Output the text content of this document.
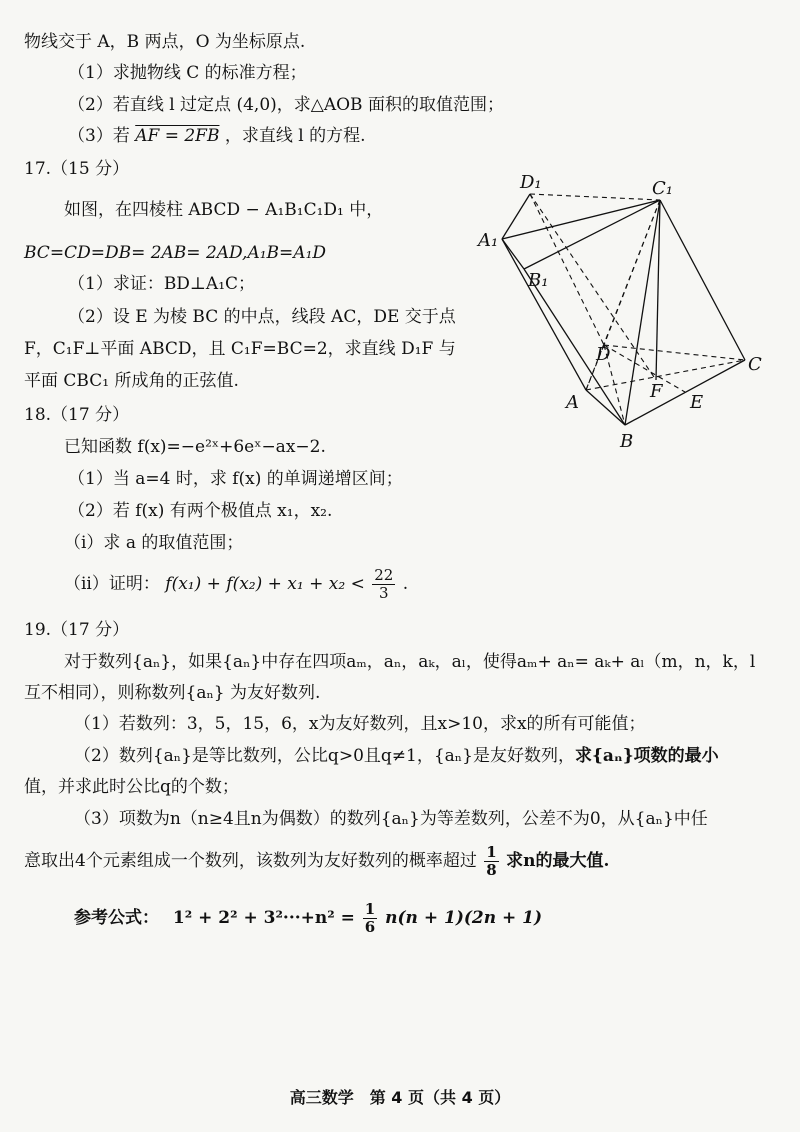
物线交于 A，B 两点，O 为坐标原点.
（1）求抛物线 C 的标准方程；
（2）若直线 l 过定点 (4,0)，求△AOB 面积的取值范围；
（3）若 AF = 2FB ，求直线 l 的方程.
17.（15 分）
如图，在四棱柱 ABCD − A₁B₁C₁D₁ 中，
BC=CD=DB= 2AB= 2AD,A₁B=A₁D
（1）求证：BD⊥A₁C；
（2）设 E 为棱 BC 的中点，线段 AC，DE 交于点
F，C₁F⊥平面 ABCD，且 C₁F=BC=2，求直线 D₁F 与
平面 CBC₁ 所成角的正弦值.
D₁	C₁
A₁
B₁
D	C
A
F
E
B
18.（17 分）
已知函数 f(x)=−e²ˣ+6eˣ−ax−2.
（1）当 a=4 时，求 f(x) 的单调递增区间；
（2）若 f(x) 有两个极值点 x₁，x₂.
（i）求 a 的取值范围；
（ii）证明： $f(x_1) + f(x_2) + x_1 + x_2 < \frac{22}{3}$ .
19.（17 分）
对于数列{aₙ}，如果{aₙ}中存在四项aₘ，aₙ，aₖ，aₗ，使得aₘ+ aₙ= aₖ+ aₗ（m，n，k，l
互不相同），则称数列{aₙ} 为友好数列.
（1）若数列：3，5，15，6，x为友好数列，且x>10，求x的所有可能值；
（2）数列{aₙ}是等比数列，公比q>0且q≠1，{aₙ}是友好数列，求{aₙ}项数的最小
值，并求此时公比q的个数；
（3）项数为n（n≥4且n为偶数）的数列{aₙ}为等差数列，公差不为0，从{aₙ}中任
意取出4个元素组成一个数列，该数列为友好数列的概率超过 $\frac{1}{8}$ 求n的最大值.
参考公式： $1^2 + 2^2 + 3^2\cdot\cdot\cdot+n^2 = \frac{1}{6} n(n + 1)(2n + 1)$
高三数学　第 4 页（共 4 页）
